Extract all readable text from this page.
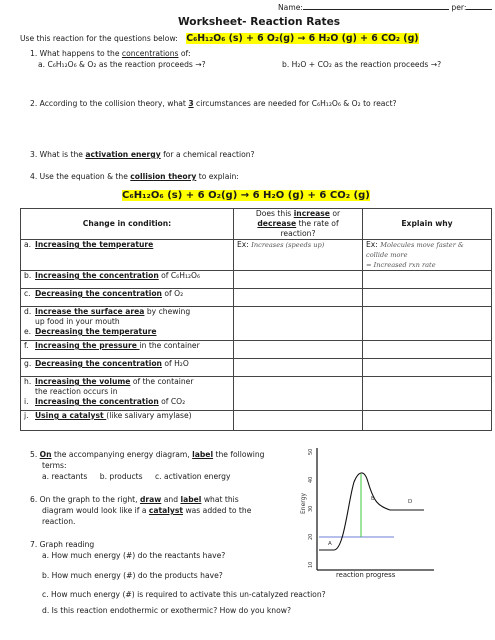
Name:	per:
Worksheet- Reaction Rates
Use this reaction for the questions below: C₆H₁₂O₆ (s) + 6 O₂(g) → 6 H₂O (g) + 6 CO₂ (g)
1. What happens to the concentrations of:
a. C₆H₁₂O₆ & O₂ as the reaction proceeds →?	b. H₂O + CO₂ as the reaction proceeds →?
2. According to the collision theory, what 3 circumstances are needed for C₆H₁₂O₆ & O₂ to react?
3. What is the activation energy for a chemical reaction?
4. Use the equation & the collision theory to explain:
C₆H₁₂O₆ (s) + 6 O₂(g) → 6 H₂O (g) + 6 CO₂ (g)
Change in condition:	Does this increase or
decrease the rate of
reaction?	Explain why
a. Increasing the temperature	Ex: Increases (speeds up)	Ex: Molecules move faster & collide more
= Increased rxn rate
b. Increasing the concentration of C₆H₁₂O₆		
c. Decreasing the concentration of O₂		

d. Increase the surface area by chewing
up food in your mouth
e. Decreasing the temperature		

f. Increasing the pressure in the container		
g. Decreasing the concentration of H₂O		

h. Increasing the volume of the container
the reaction occurs in
i. Increasing the concentration of CO₂		

j. Using a catalyst (like salivary amylase)		
5. On the accompanying energy diagram, label the following
terms:
a. reactants b. products c. activation energy
6. On the graph to the right, draw and label what this
diagram would look like if a catalyst was added to the
reaction.
50
40
30
20
10
Energy
A
B	D
reaction progress
7. Graph reading
a. How much energy (#) do the reactants have?
b. How much energy (#) do the products have?
c. How much energy (#) is required to activate this un-catalyzed reaction?
d. Is this reaction endothermic or exothermic? How do you know?
